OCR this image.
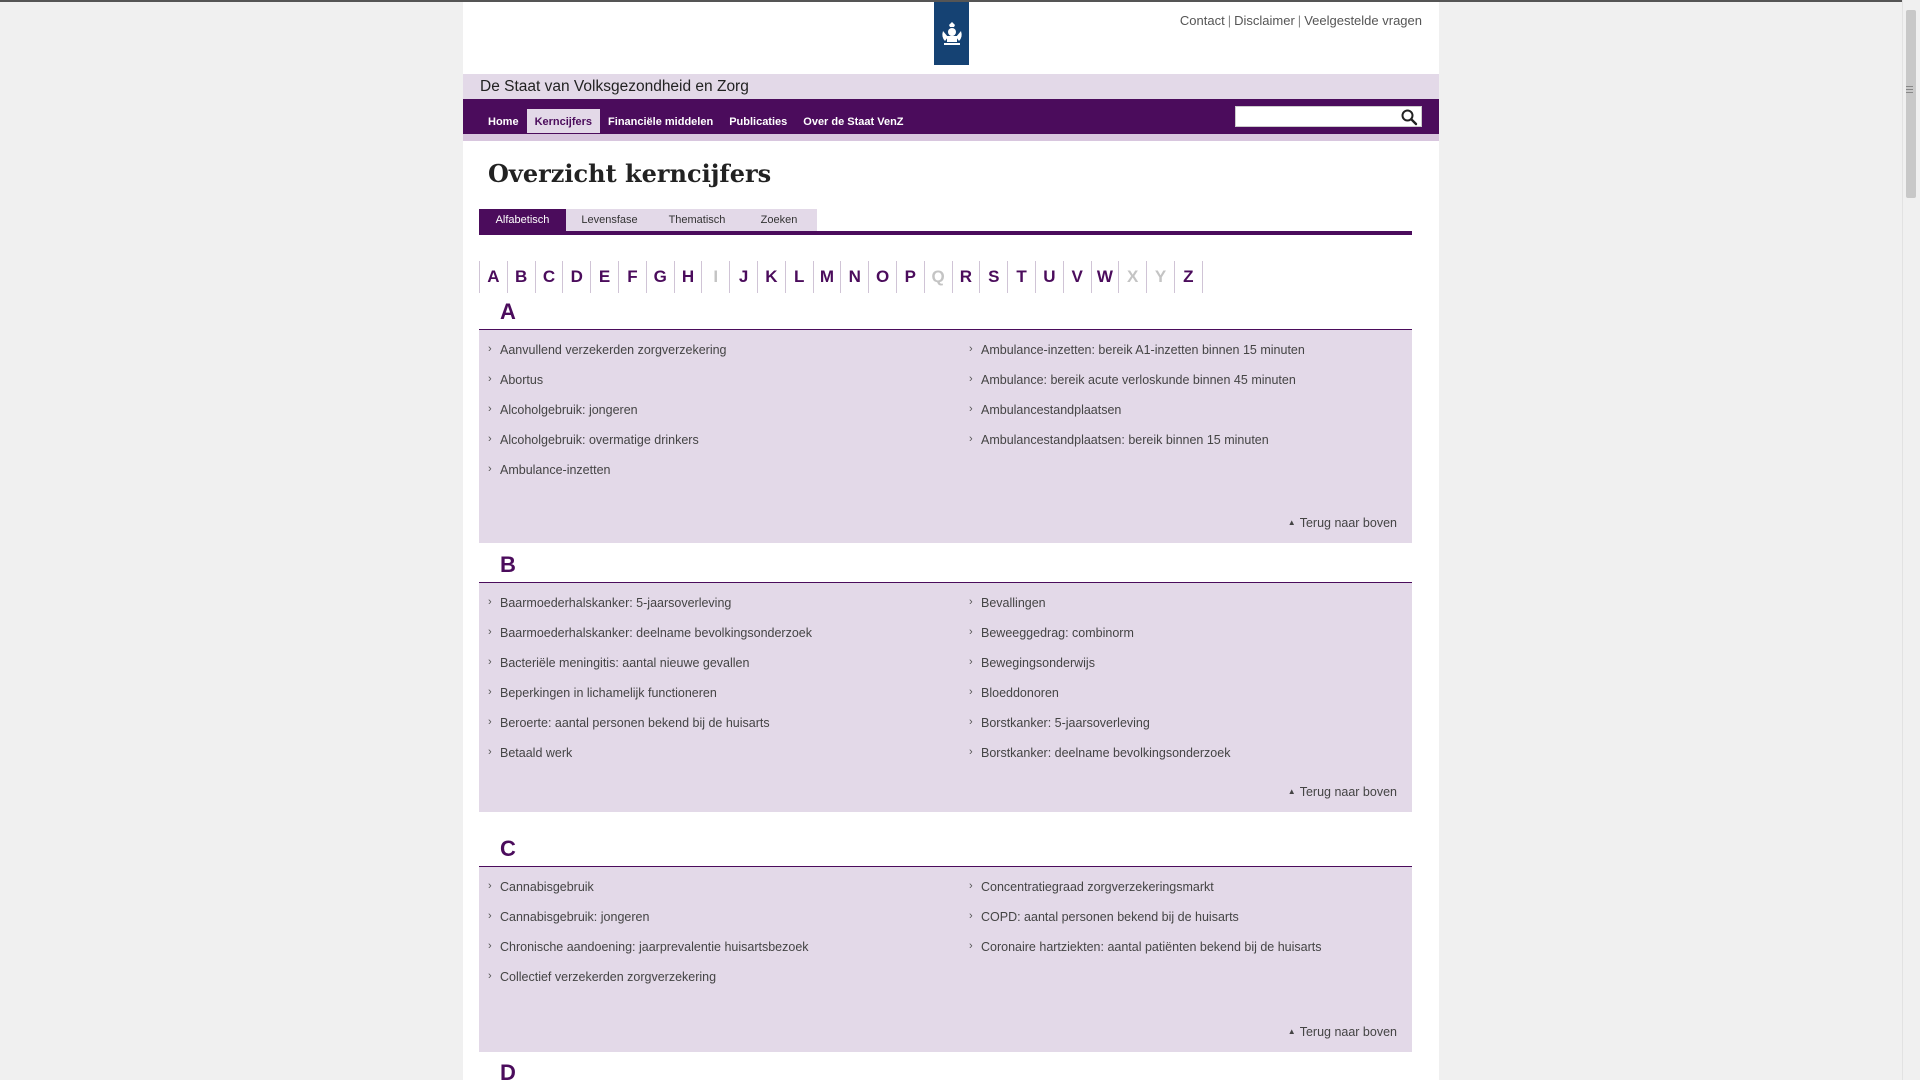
Contact | Disclaimer | Veelgestelde vragen
De Staat van Volksgezondheid en Zorg
Home	Kerncijfers	Financiële middelen	Publicaties	Over de Staat VenZ
Overzicht kerncijfers
Alfabetisch	Levensfase	Thematisch	Zoeken
A B C D E F G H	I	J K L M N O P Q R S T U V W X Y Z
A
› Aanvullend verzekerden zorgverzekering
› Abortus
› Alcoholgebruik: jongeren
› Alcoholgebruik: overmatige drinkers
› Ambulance-inzetten
› Ambulance-inzetten: bereik A1-inzetten binnen 15 minuten
› Ambulance: bereik acute verloskunde binnen 45 minuten
› Ambulancestandplaatsen
› Ambulancestandplaatsen: bereik binnen 15 minuten
▲ Terug naar boven
B
› Baarmoederhalskanker: 5-jaarsoverleving
› Baarmoederhalskanker: deelname bevolkingsonderzoek
› Bacteriële meningitis: aantal nieuwe gevallen
› Beperkingen in lichamelijk functioneren
› Beroerte: aantal personen bekend bij de huisarts
› Betaald werk
› Bevallingen
› Beweeggedrag: combinorm
› Bewegingsonderwijs
› Bloeddonoren
› Borstkanker: 5-jaarsoverleving
› Borstkanker: deelname bevolkingsonderzoek
▲ Terug naar boven
C
› Cannabisgebruik
› Cannabisgebruik: jongeren
› Chronische aandoening: jaarprevalentie huisartsbezoek
› Collectief verzekerden zorgverzekering
› Concentratiegraad zorgverzekeringsmarkt
› COPD: aantal personen bekend bij de huisarts
› Coronaire hartziekten: aantal patiënten bekend bij de huisarts
▲ Terug naar boven
D
